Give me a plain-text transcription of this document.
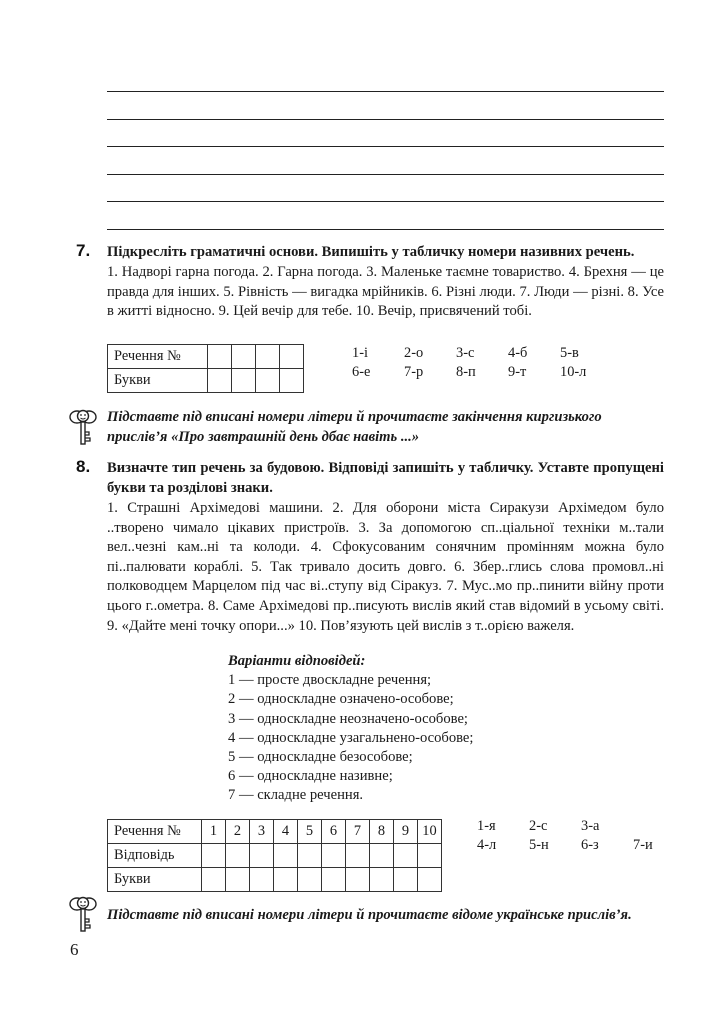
7. Підкресліть граматичні основи. Випишіть у табличку номери називних речень.
1. Надворі гарна погода. 2. Гарна погода. 3. Маленьке таємне товариство. 4. Брехня — це правда для інших. 5. Рівність — вигадка мрійників. 6. Різні люди. 7. Люди — різні. 8. Усе в житті відносно. 9. Цей вечір для тебе. 10. Вечір, присвячений тобі.
Речення №				
Букви				
1-і	2-о	3-с	4-б	5-в
6-е	7-р	8-п	9-т	10-л
Підставте під вписані номери літери й прочитаєте закінчення киргизького прислів’я «Про завтрашній день дбає навіть ...»
8. Визначте тип речень за будовою. Відповіді запишіть у табличку. Уставте пропущені букви та розділові знаки.
1. Страшні Архімедові машини. 2. Для оборони міста Сиракузи Архімедом було ..творено чимало цікавих пристроїв. 3. За допомогою сп..ціальної техніки м..тали вел..чезні кам..ні та колоди. 4. Сфокусованим сонячним промінням можна було пі..палювати кораблі. 5. Так тривало досить довго. 6. Збер..глись слова промовл..ні полководцем Марцелом під час ві..ступу від Сіракуз. 7. Мус..мо пр..пинити війну проти цього г..ометра. 8. Саме Архімедові пр..писують вислів який став відомий в усьому світі. 9. «Дайте мені точку опори...» 10. Пов’язують цей вислів з т..орією важеля.
Варіанти відповідей:
1 — просте двоскладне речення;
2 — односкладне означено-особове;
3 — односкладне неозначено-особове;
4 — односкладне узагальнено-особове;
5 — односкладне безособове;
6 — односкладне називне;
7 — складне речення.
Речення №	1	2	3	4	5	6	7	8	9	10
Відповідь										
Букви										
1-я	2-с	3-а
4-л	5-н	6-з	7-и
Підставте під вписані номери літери й прочитаєте відоме українське прислів’я.
6
